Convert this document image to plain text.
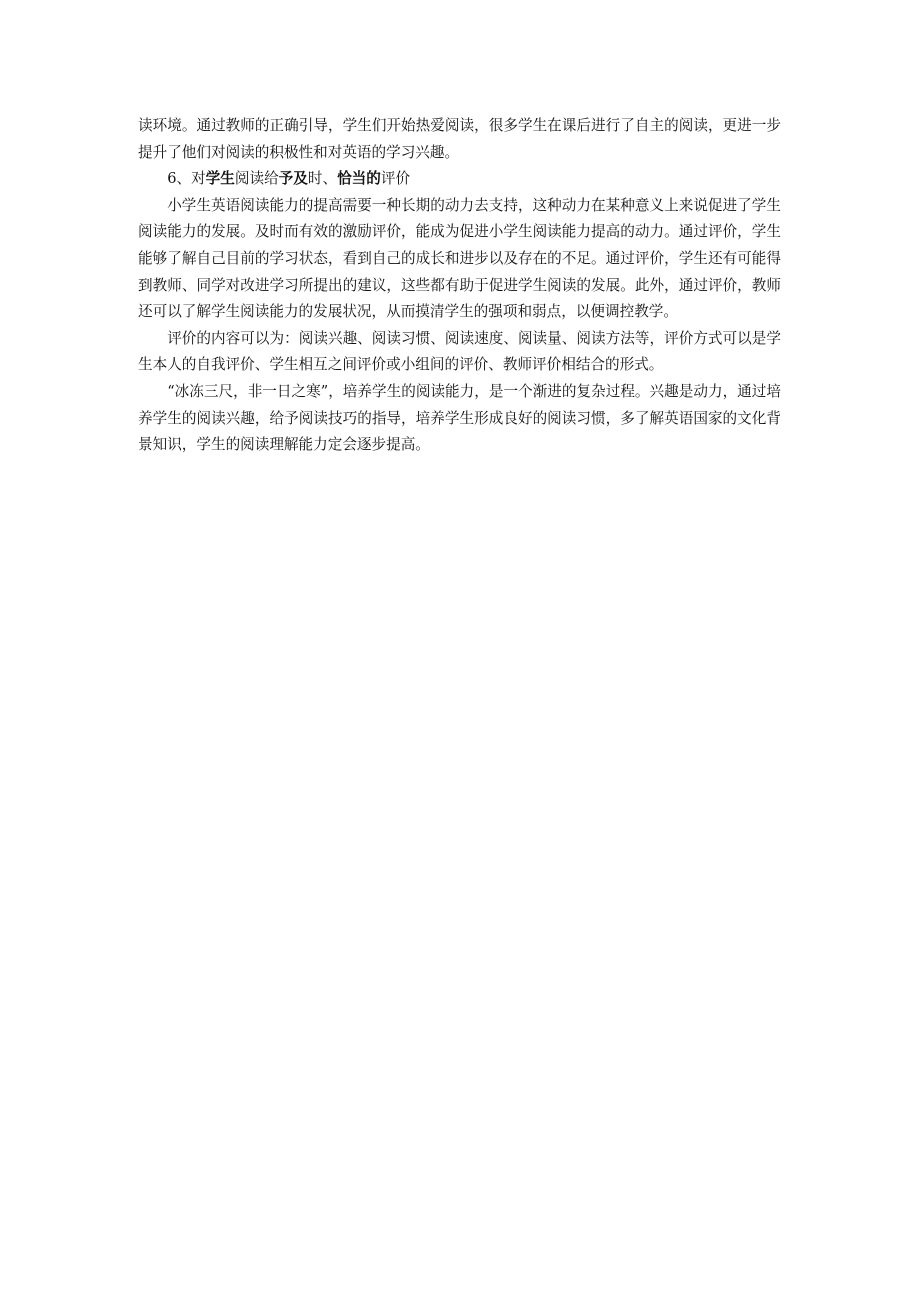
读环境。通过教师的正确引导，学生们开始热爱阅读，很多学生在课后进行了自主的阅读，更进一步提升了他们对阅读的积极性和对英语的学习兴趣。

6、对学生阅读给予及时、恰当的评价

小学生英语阅读能力的提高需要一种长期的动力去支持，这种动力在某种意义上来说促进了学生阅读能力的发展。及时而有效的激励评价，能成为促进小学生阅读能力提高的动力。通过评价，学生能够了解自己目前的学习状态，看到自己的成长和进步以及存在的不足。通过评价，学生还有可能得到教师、同学对改进学习所提出的建议，这些都有助于促进学生阅读的发展。此外，通过评价，教师还可以了解学生阅读能力的发展状况，从而摸清学生的强项和弱点，以便调控教学。

评价的内容可以为：阅读兴趣、阅读习惯、阅读速度、阅读量、阅读方法等，评价方式可以是学生本人的自我评价、学生相互之间评价或小组间的评价、教师评价相结合的形式。

“冰冻三尺，非一日之寒”，培养学生的阅读能力，是一个渐进的复杂过程。兴趣是动力，通过培养学生的阅读兴趣，给予阅读技巧的指导，培养学生形成良好的阅读习惯，多了解英语国家的文化背景知识，学生的阅读理解能力定会逐步提高。
